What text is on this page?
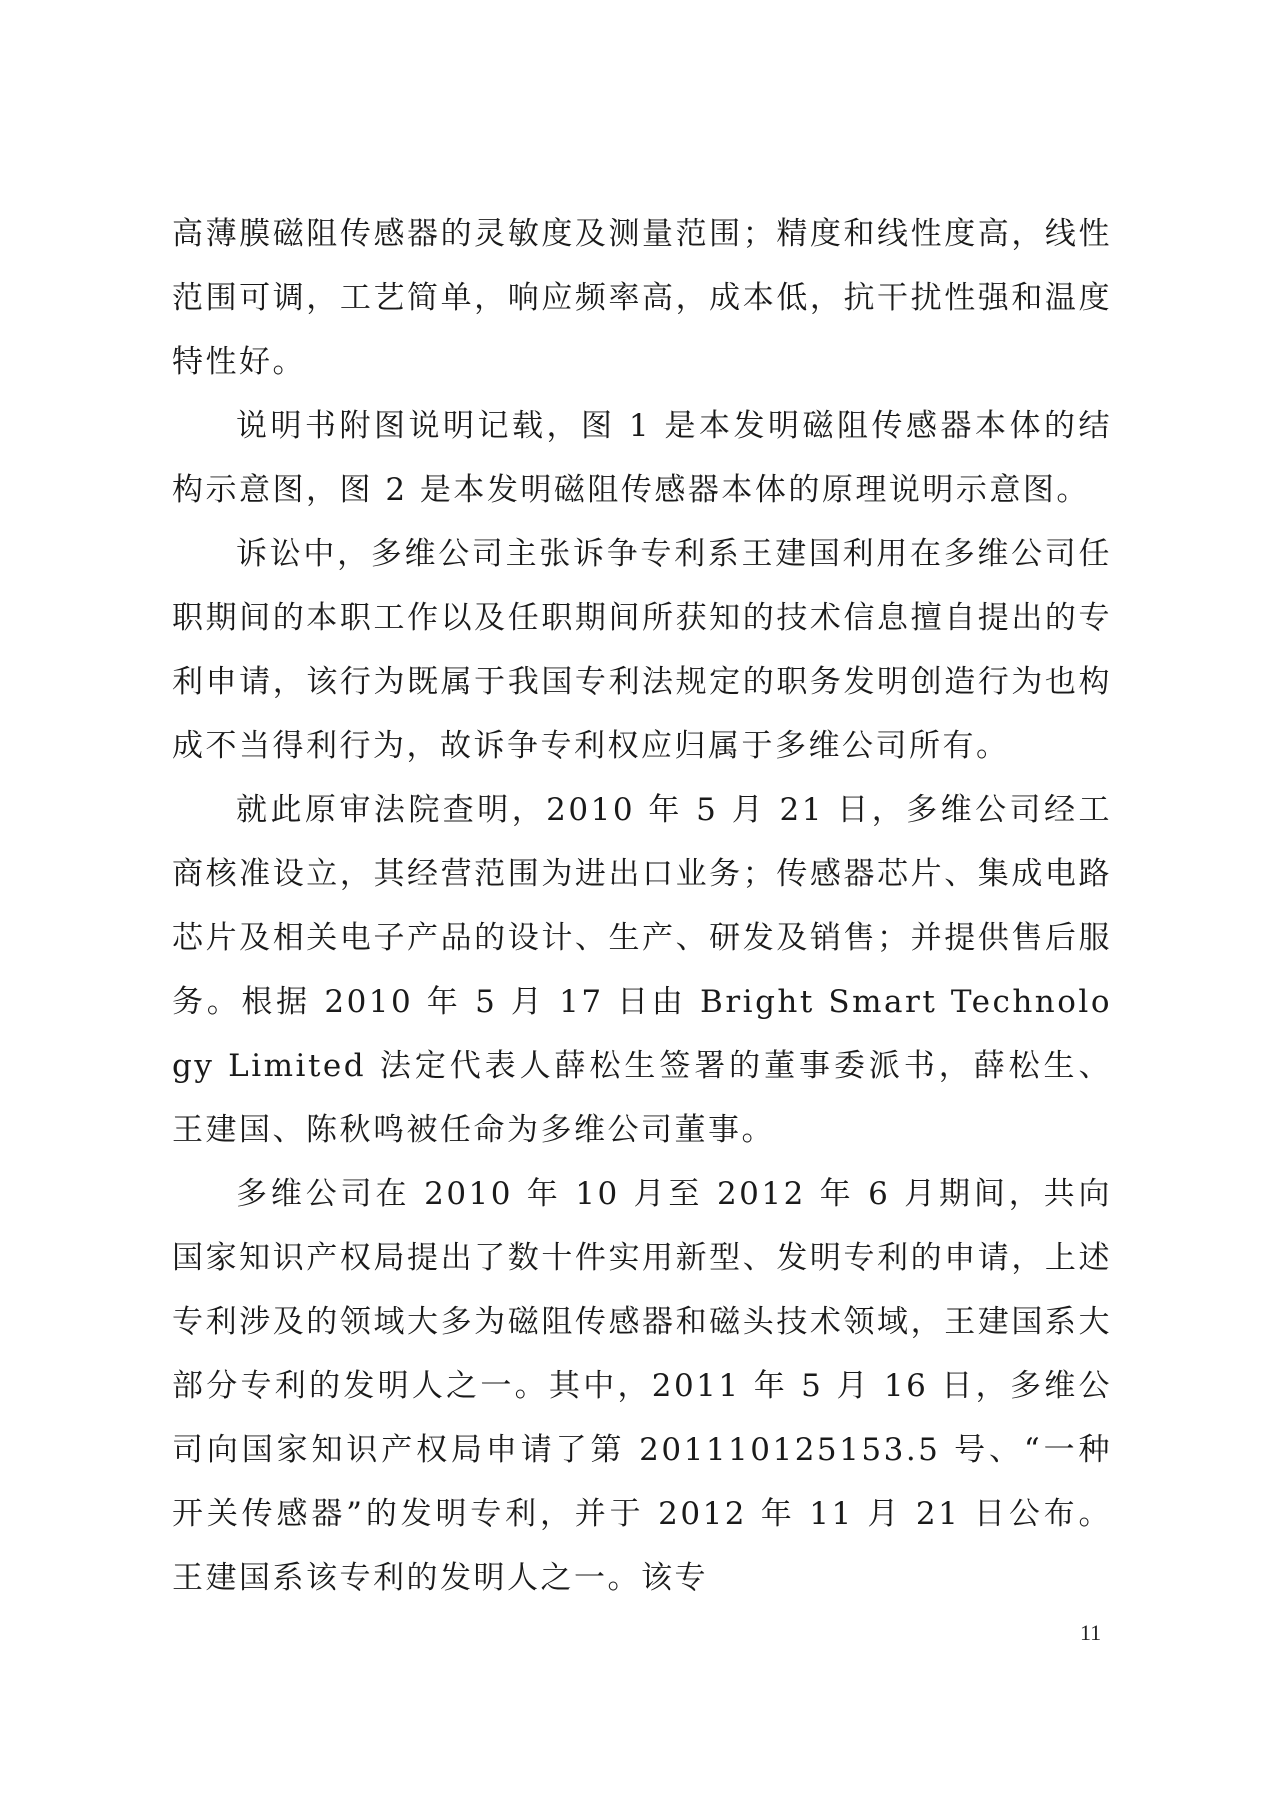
高薄膜磁阻传感器的灵敏度及测量范围；精度和线性度高，线性范围可调，工艺简单，响应频率高，成本低，抗干扰性强和温度特性好。

说明书附图说明记载，图 1 是本发明磁阻传感器本体的结构示意图，图 2 是本发明磁阻传感器本体的原理说明示意图。

诉讼中，多维公司主张诉争专利系王建国利用在多维公司任职期间的本职工作以及任职期间所获知的技术信息擅自提出的专利申请，该行为既属于我国专利法规定的职务发明创造行为也构成不当得利行为，故诉争专利权应归属于多维公司所有。

就此原审法院查明，2010 年 5 月 21 日，多维公司经工商核准设立，其经营范围为进出口业务；传感器芯片、集成电路芯片及相关电子产品的设计、生产、研发及销售；并提供售后服务。根据 2010 年 5 月 17 日由 Bright Smart Technology Limited 法定代表人薛松生签署的董事委派书，薛松生、王建国、陈秋鸣被任命为多维公司董事。

多维公司在 2010 年 10 月至 2012 年 6 月期间，共向国家知识产权局提出了数十件实用新型、发明专利的申请，上述专利涉及的领域大多为磁阻传感器和磁头技术领域，王建国系大部分专利的发明人之一。其中，2011 年 5 月 16 日，多维公司向国家知识产权局申请了第 201110125153.5 号、“一种开关传感器”的发明专利，并于 2012 年 11 月 21 日公布。王建国系该专利的发明人之一。该专

11
